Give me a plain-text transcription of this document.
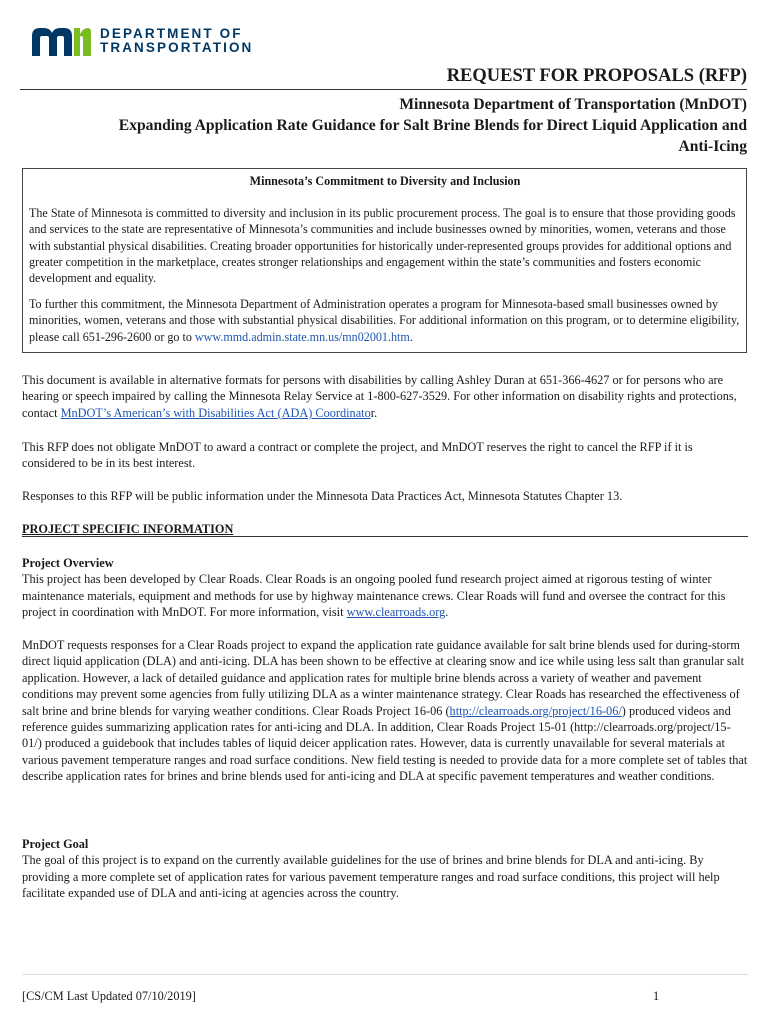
DEPARTMENT OF
TRANSPORTATION
REQUEST FOR PROPOSALS (RFP)
Minnesota Department of Transportation (MnDOT)
Expanding Application Rate Guidance for Salt Brine Blends for Direct Liquid Application and
Anti-Icing
Minnesota’s Commitment to Diversity and Inclusion

The State of Minnesota is committed to diversity and inclusion in its public procurement process. The goal is to ensure that those providing goods and services to the state are representative of Minnesota’s communities and include businesses owned by minorities, women, veterans and those with substantial physical disabilities. Creating broader opportunities for historically under-represented groups provides for additional options and greater competition in the marketplace, creates stronger relationships and engagement within the state’s communities and fosters economic development and equality.

To further this commitment, the Minnesota Department of Administration operates a program for Minnesota-based small businesses owned by minorities, women, veterans and those with substantial physical disabilities. For additional information on this program, or to determine eligibility, please call 651-296-2600 or go to www.mmd.admin.state.mn.us/mn02001.htm.

This document is available in alternative formats for persons with disabilities by calling Ashley Duran at 651-366-4627 or for persons who are hearing or speech impaired by calling the Minnesota Relay Service at 1-800-627-3529. For other information on disability rights and protections, contact MnDOT’s American’s with Disabilities Act (ADA) Coordinator.

This RFP does not obligate MnDOT to award a contract or complete the project, and MnDOT reserves the right to cancel the RFP if it is considered to be in its best interest.

Responses to this RFP will be public information under the Minnesota Data Practices Act, Minnesota Statutes Chapter 13.

PROJECT SPECIFIC INFORMATION

Project Overview

This project has been developed by Clear Roads. Clear Roads is an ongoing pooled fund research project aimed at rigorous testing of winter maintenance materials, equipment and methods for use by highway maintenance crews. Clear Roads will fund and oversee the contract for this project in coordination with MnDOT. For more information, visit www.clearroads.org.

MnDOT requests responses for a Clear Roads project to expand the application rate guidance available for salt brine blends used for during-storm direct liquid application (DLA) and anti-icing. DLA has been shown to be effective at clearing snow and ice while using less salt than granular salt application. However, a lack of detailed guidance and application rates for multiple brine blends across a variety of weather and pavement conditions may prevent some agencies from fully utilizing DLA as a winter maintenance strategy. Clear Roads has researched the effectiveness of salt brine and brine blends for varying weather conditions. Clear Roads Project 16-06 (http://clearroads.org/project/16-06/) produced videos and reference guides summarizing application rates for anti-icing and DLA. In addition, Clear Roads Project 15-01 (http://clearroads.org/project/15-01/) produced a guidebook that includes tables of liquid deicer application rates. However, data is currently unavailable for several materials at various pavement temperature ranges and road surface conditions. New field testing is needed to provide data for a more complete set of tables that describe application rates for brines and brine blends used for anti-icing and DLA at specific pavement temperatures and weather conditions.

Project Goal

The goal of this project is to expand on the currently available guidelines for the use of brines and brine blends for DLA and anti-icing. By providing a more complete set of application rates for various pavement temperature ranges and road surface conditions, this project will help facilitate expanded use of DLA and anti-icing at agencies across the country.

[CS/CM Last Updated 07/10/2019]	1
